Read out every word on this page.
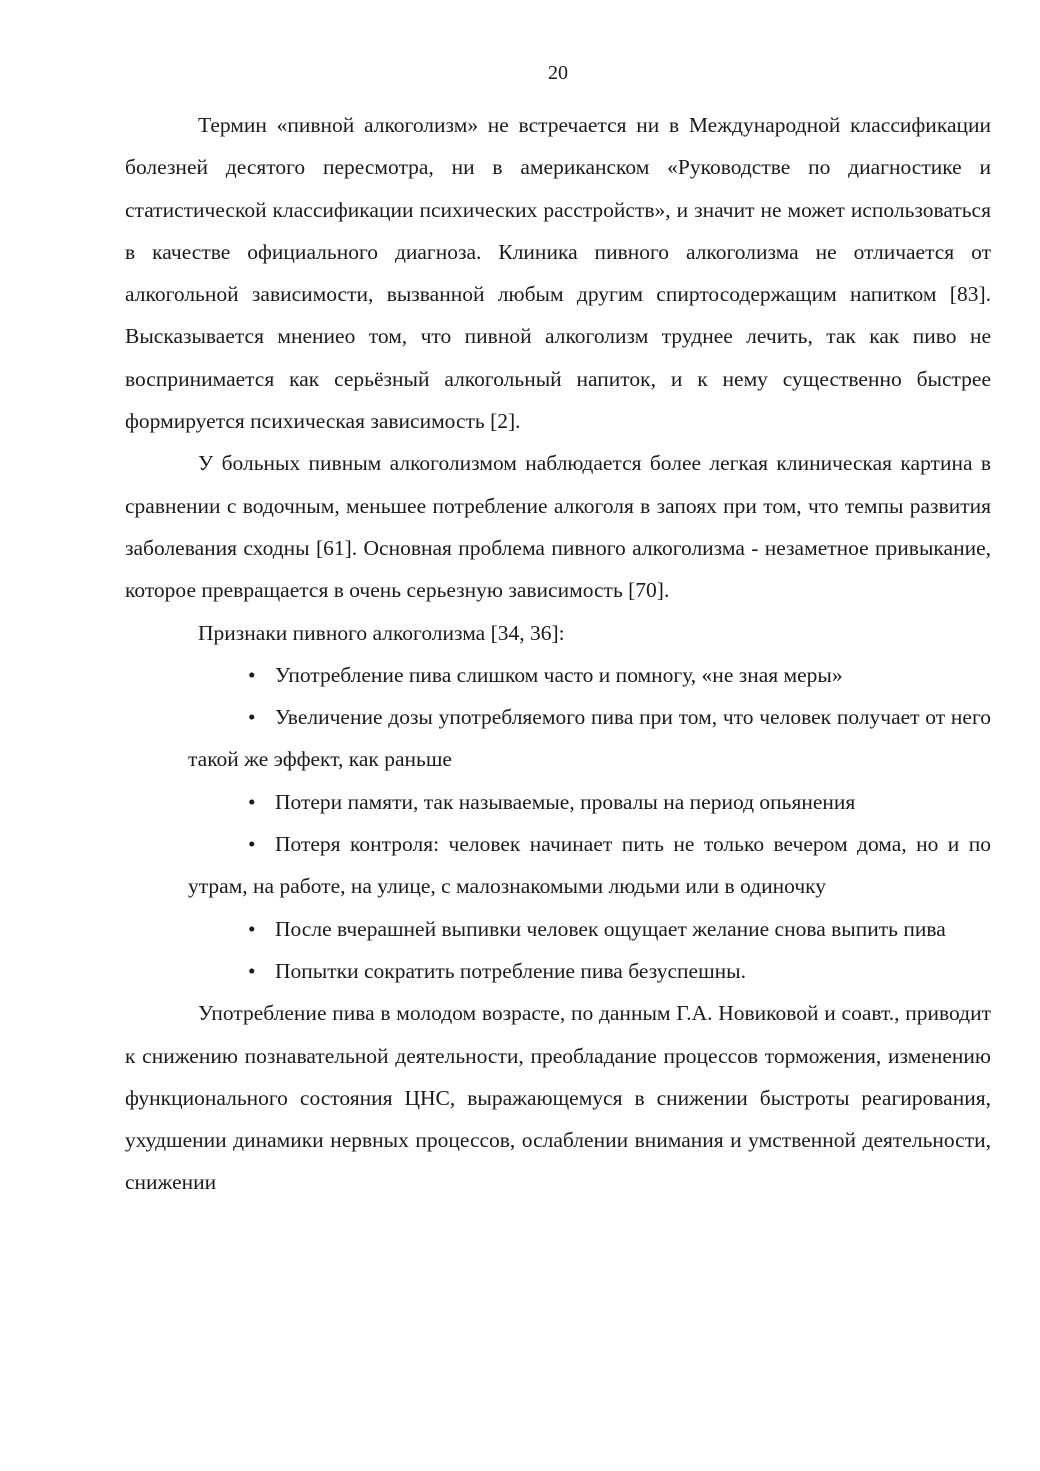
20

Термин «пивной алкоголизм» не встречается ни в Международной классификации болезней десятого пересмотра, ни в американском «Руководстве по диагностике и статистической классификации психических расстройств», и значит не может использоваться в качестве официального диагноза. Клиника пивного алкоголизма не отличается от алкогольной зависимости, вызванной любым другим спиртосодержащим напитком [83]. Высказывается мнениео том, что пивной алкоголизм труднее лечить, так как пиво не воспринимается как серьёзный алкогольный напиток, и к нему существенно быстрее формируется психическая зависимость [2].

У больных пивным алкоголизмом наблюдается более легкая клиническая картина в сравнении с водочным, меньшее потребление алкоголя в запоях при том, что темпы развития заболевания сходны [61]. Основная проблема пивного алкоголизма - незаметное привыкание, которое превращается в очень серьезную зависимость [70].

Признаки пивного алкоголизма [34, 36]:

• Употребление пива слишком часто и помногу, «не зная меры»
• Увеличение дозы употребляемого пива при том, что человек получает от него такой же эффект, как раньше
• Потери памяти, так называемые, провалы на период опьянения
• Потеря контроля: человек начинает пить не только вечером дома, но и по утрам, на работе, на улице, с малознакомыми людьми или в одиночку
• После вчерашней выпивки человек ощущает желание снова выпить пива
• Попытки сократить потребление пива безуспешны.

Употребление пива в молодом возрасте, по данным Г.А. Новиковой и соавт., приводит к снижению познавательной деятельности, преобладание процессов торможения, изменению функционального состояния ЦНС, выражающемуся в снижении быстроты реагирования, ухудшении динамики нервных процессов, ослаблении внимания и умственной деятельности, снижении
